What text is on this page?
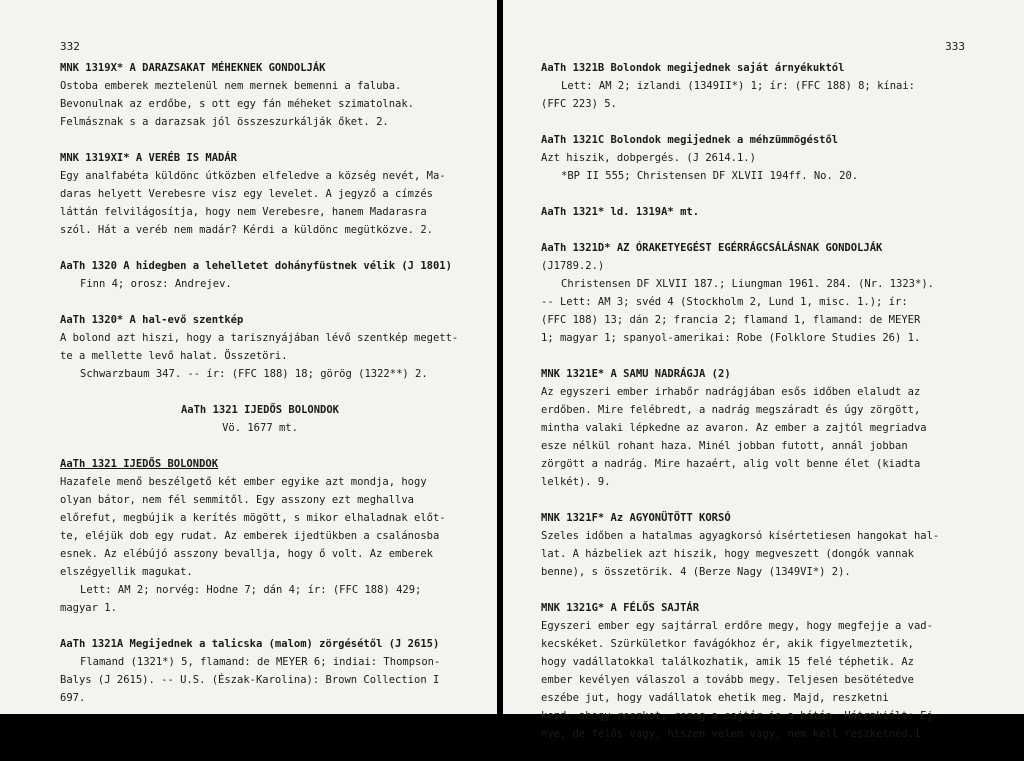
332
MNK 1319X* A DARAZSAKAT MÉHEKNEK GONDOLJÁK
Ostoba emberek meztelenül nem mernek bemenni a faluba.
Bevonulnak az erdőbe, s ott egy fán méheket szimatolnak.
Felmásznak s a darazsak jól összeszurkálják őket. 2.
MNK 1319XI* A VERÉB IS MADÁR
Egy analfabéta küldönc útközben elfeledve a község nevét, Ma-
daras helyett Verebesre visz egy levelet. A jegyző a címzés
láttán felvilágosítja, hogy nem Verebesre, hanem Madarasra
szól. Hát a veréb nem madár? Kérdi a küldönc megütközve. 2.
AaTh 1320 A hidegben a lehelletet dohányfüstnek vélik (J 1801)
Finn 4; orosz: Andrejev.
AaTh 1320* A hal-evő szentkép
A bolond azt hiszi, hogy a tarisznyájában lévő szentkép megett-
te a mellette levő halat. Összetöri.
Schwarzbaum 347. -- ír: (FFC 188) 18; görög (1322**) 2.
AaTh 1321 IJEDŐS BOLONDOK
Vö. 1677 mt.
AaTh 1321 IJEDŐS BOLONDOK
Hazafele menő beszélgető két ember egyike azt mondja, hogy
olyan bátor, nem fél semmitől. Egy asszony ezt meghallva
előrefut, megbújik a kerítés mögött, s mikor elhaladnak előt-
te, eléjük dob egy rudat. Az emberek ijedtükben a csalánosba
esnek. Az elébújó asszony bevallja, hogy ő volt. Az emberek
elszégyellik magukat.
Lett: AM 2; norvég: Hodne 7; dán 4; ír: (FFC 188) 429;
magyar 1.
AaTh 1321A Megijednek a talicska (malom) zörgésétől (J 2615)
Flamand (1321*) 5, flamand: de MEYER 6; indiai: Thompson-
Balys (J 2615). -- U.S. (Észak-Karolina): Brown Collection I
697.
333
AaTh 1321B Bolondok megijednek saját árnyékuktól
Lett: AM 2; izlandi (1349II*) 1; ír: (FFC 188) 8; kínai:
(FFC 223) 5.
AaTh 1321C Bolondok megijednek a méhzümmögéstől
Azt hiszik, dobpergés. (J 2614.1.)
*BP II 555; Christensen DF XLVII 194ff. No. 20.
AaTh 1321* ld. 1319A* mt.
AaTh 1321D* AZ ÓRAKETYEGÉST EGÉRRÁGCSÁLÁSNAK GONDOLJÁK
(J1789.2.)
Christensen DF XLVII 187.; Liungman 1961. 284. (Nr. 1323*).
-- Lett: AM 3; svéd 4 (Stockholm 2, Lund 1, misc. 1.); ír:
(FFC 188) 13; dán 2; francia 2; flamand 1, flamand: de MEYER
1; magyar 1; spanyol-amerikai: Robe (Folklore Studies 26) 1.
MNK 1321E* A SAMU NADRÁGJA (2)
Az egyszeri ember irhabőr nadrágjában esős időben elaludt az
erdőben. Mire felébredt, a nadrág megszáradt és úgy zörgött,
mintha valaki lépkedne az avaron. Az ember a zajtól megriadva
esze nélkül rohant haza. Minél jobban futott, annál jobban
zörgött a nadrág. Mire hazaért, alig volt benne élet (kiadta
lelkét). 9.
MNK 1321F* Az AGYONÜTÖTT KORSÓ
Szeles időben a hatalmas agyagkorsó kísértetiesen hangokat hal-
lat. A házbeliek azt hiszik, hogy megveszett (dongók vannak
benne), s összetörik. 4 (Berze Nagy (1349VI*) 2).
MNK 1321G* A FÉLŐS SAJTÁR
Egyszeri ember egy sajtárral erdőre megy, hogy megfejje a vad-
kecskéket. Szürkületkor favágókhoz ér, akik figyelmeztetik,
hogy vadállatokkal találkozhatik, amik 15 felé téphetik. Az
ember kevélyen válaszol a tovább megy. Teljesen besötétedve
eszébe jut, hogy vadállatok ehetik meg. Majd, reszketni
kezd, ahogy reszket, rezeg a sajtár is a hátán. Hátrakiált: Ej-
nye, de félős vagy, hiszen velem vagy, nem kell reszketned.1.
